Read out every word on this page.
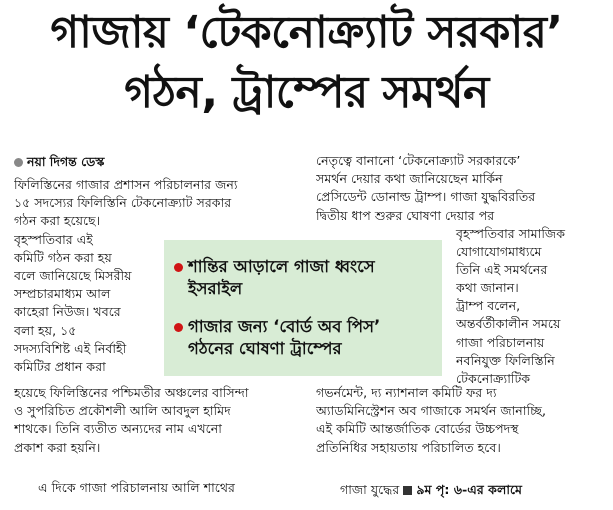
গাজায় ‘টেকনোক্র্যাট সরকার’
গঠন, ট্রাম্পের সমর্থন
নয়া দিগন্ত ডেস্ক
ফিলিস্তিনের গাজার প্রশাসন পরিচালনার জন্য
১৫ সদস্যের ফিলিস্তিনি টেকনোক্র্যাট সরকার
গঠন করা হয়েছে।
বৃহস্পতিবার এই
কমিটি গঠন করা হয়
বলে জানিয়েছে মিসরীয়
সম্প্রচারমাধ্যম আল
কাহেরা নিউজ। খবরে
বলা হয়, ১৫
সদস্যবিশিষ্ট এই নির্বাহী
কমিটির প্রধান করা
হয়েছে ফিলিস্তিনের পশ্চিমতীর অঞ্চলের বাসিন্দা
ও সুপরিচিত প্রকৌশলী আলি আবদুল হামিদ
শাথকে। তিনি ব্যতীত অন্যদের নাম এখনো
প্রকাশ করা হয়নি।
এ দিকে গাজা পরিচালনায় আলি শাথের
নেতৃত্বে বানানো ‘টেকনোক্র্যাট সরকারকে’
সমর্থন দেয়ার কথা জানিয়েছেন মার্কিন
প্রেসিডেন্ট ডোনাল্ড ট্রাম্প। গাজা যুদ্ধবিরতির
দ্বিতীয় ধাপ শুরুর ঘোষণা দেয়ার পর
বৃহস্পতিবার সামাজিক
যোগাযোগমাধ্যমে
তিনি এই সমর্থনের
কথা জানান।
ট্রাম্প বলেন,
অন্তর্বর্তীকালীন সময়ে
গাজা পরিচালনায়
নবনিযুক্ত ফিলিস্তিনি
টেকনোক্র্যাটিক
গভর্নমেন্ট, দ্য ন্যাশনাল কমিটি ফর দ্য
অ্যাডমিনিস্ট্রেশন অব গাজাকে সমর্থন জানাচ্ছি,
এই কমিটি আন্তর্জাতিক বোর্ডের উচ্চপদস্থ
প্রতিনিধির সহায়তায় পরিচালিত হবে।
শান্তির আড়ালে গাজা ধ্বংসে
ইসরাইল
গাজার জন্য ‘বোর্ড অব পিস’
গঠনের ঘোষণা ট্রাম্পের
গাজা যুদ্ধের ৯ম পৃ: ৬-এর কলামে
